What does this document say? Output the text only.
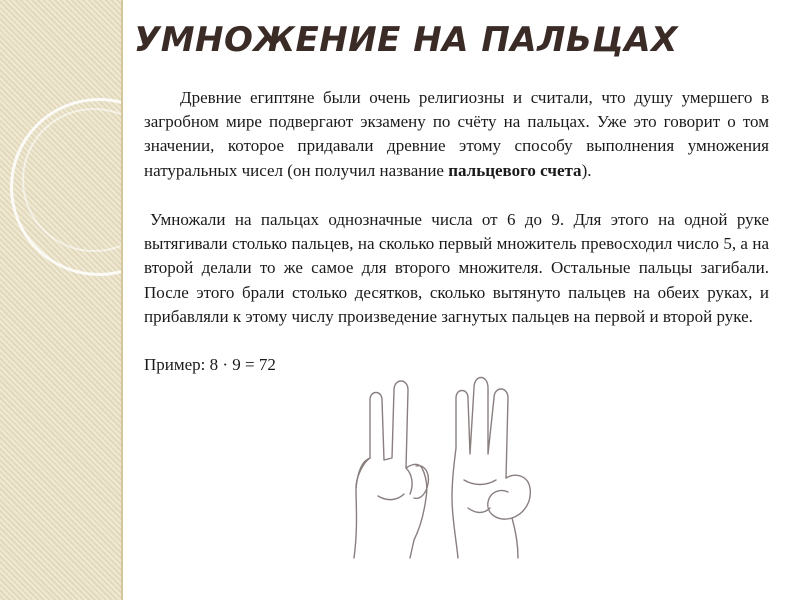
УМНОЖЕНИЕ НА ПАЛЬЦАХ

Древние египтяне были очень религиозны и считали, что душу умершего в загробном мире подвергают экзамену по счёту на пальцах. Уже это говорит о том значении, которое придавали древние этому способу выполнения умножения натуральных чисел (он получил название пальцевого счета).

Умножали на пальцах однозначные числа от 6 до 9. Для этого на одной руке вытягивали столько пальцев, на сколько первый множитель превосходил число 5, а на второй делали то же самое для второго множителя. Остальные пальцы загибали. После этого брали столько десятков, сколько вытянуто пальцев на обеих руках, и прибавляли к этому числу произведение загнутых пальцев на первой и второй руке.

Пример: 8 · 9 = 72
